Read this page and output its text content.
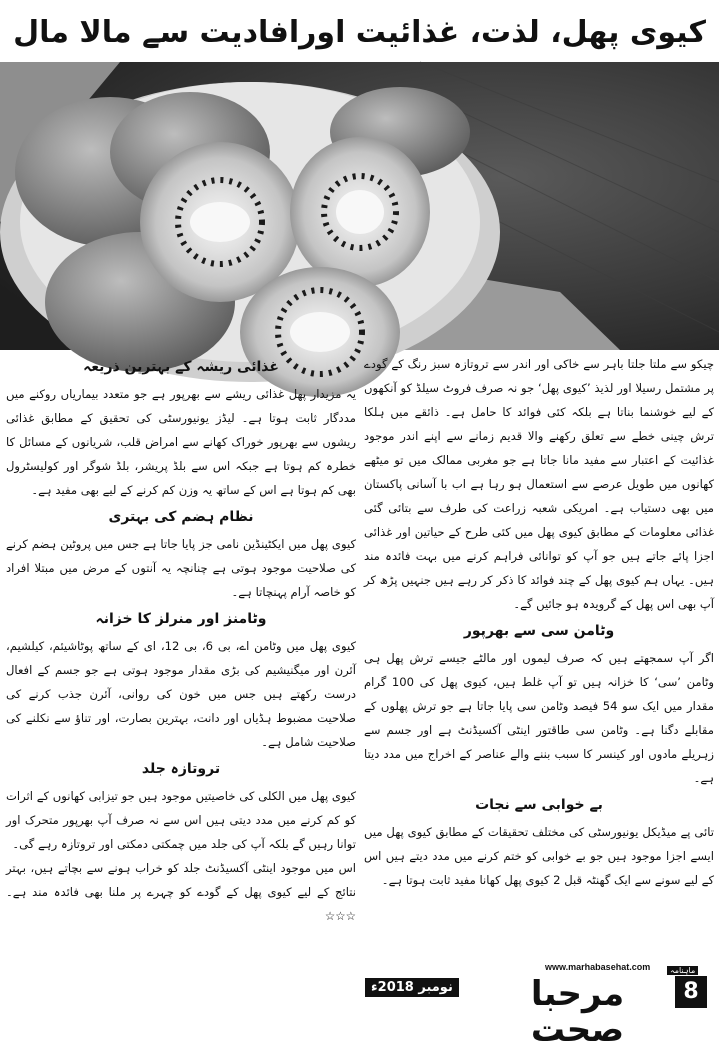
کیوی پھل، لذت، غذائیت اورافادیت سے مالا مال

چیکو سے ملتا جلتا باہر سے خاکی اور اندر سے تروتازہ سبز رنگ کے گودے پر مشتمل رسیلا اور لذیذ ’کیوی پھل‘ جو نہ صرف فروٹ سیلڈ کو آنکھوں کے لیے خوشنما بناتا ہے بلکہ کئی فوائد کا حامل ہے۔ ذائقے میں ہلکا ترش چینی خطے سے تعلق رکھنے والا قدیم زمانے سے اپنے اندر موجود غذائیت کے اعتبار سے مفید مانا جاتا ہے جو مغربی ممالک میں تو میٹھے کھانوں میں طویل عرصے سے استعمال ہو رہا ہے اب با آسانی پاکستان میں بھی دستیاب ہے۔ امریکی شعبہ زراعت کی طرف سے بتائی گئی غذائی معلومات کے مطابق کیوی پھل میں کئی طرح کے حیاتین اور غذائی اجزا پائے جاتے ہیں جو آپ کو توانائی فراہم کرنے میں بہت فائدہ مند ہیں۔ یہاں ہم کیوی پھل کے چند فوائد کا ذکر کر رہے ہیں جنہیں پڑھ کر آپ بھی اس پھل کے گرویدہ ہو جائیں گے۔

وٹامن سی سے بھرپور

اگر آپ سمجھتے ہیں کہ صرف لیموں اور مالٹے جیسے ترش پھل ہی وٹامن ’سی‘ کا خزانہ ہیں تو آپ غلط ہیں، کیوی پھل کی 100 گرام مقدار میں ایک سو 54 فیصد وٹامن سی پایا جاتا ہے جو ترش پھلوں کے مقابلے دگنا ہے۔ وٹامن سی طاقتور اینٹی آکسیڈنٹ ہے اور جسم سے زہریلے مادوں اور کینسر کا سبب بننے والے عناصر کے اخراج میں مدد دیتا ہے۔

بے خوابی سے نجات

تائی پے میڈیکل یونیورسٹی کی مختلف تحقیقات کے مطابق کیوی پھل میں ایسے اجزا موجود ہیں جو بے خوابی کو ختم کرنے میں مدد دیتے ہیں اس کے لیے سونے سے ایک گھنٹہ قبل 2 کیوی پھل کھانا مفید ثابت ہوتا ہے۔

غذائی ریشہ کے بہترین ذریعہ

یہ مزیدار پھل غذائی ریشے سے بھرپور ہے جو متعدد بیماریاں روکنے میں مددگار ثابت ہوتا ہے۔ لیڈز یونیورسٹی کی تحقیق کے مطابق غذائی ریشوں سے بھرپور خوراک کھانے سے امراض قلب، شریانوں کے مسائل کا خطرہ کم ہوتا ہے جبکہ اس سے بلڈ پریشر، بلڈ شوگر اور کولیسٹرول بھی کم ہوتا ہے اس کے ساتھ یہ وزن کم کرنے کے لیے بھی مفید ہے۔

نظام ہضم کی بہتری

کیوی پھل میں ایکٹینڈین نامی جز پایا جاتا ہے جس میں پروٹین ہضم کرنے کی صلاحیت موجود ہوتی ہے چنانچہ یہ آنتوں کے مرض میں مبتلا افراد کو خاصہ آرام پہنچاتا ہے۔

وٹامنز اور منرلز کا خزانہ

کیوی پھل میں وٹامن اے، بی 6، بی 12، ای کے ساتھ پوٹاشیئم، کیلشیم، آئرن اور میگنیشیم کی بڑی مقدار موجود ہوتی ہے جو جسم کے افعال درست رکھتے ہیں جس میں خون کی روانی، آئرن جذب کرنے کی صلاحیت مضبوط ہڈیاں اور دانت، بہترین بصارت، اور تناؤ سے نکلنے کی صلاحیت شامل ہے۔

تروتازہ جلد

کیوی پھل میں الکلی کی خاصیتیں موجود ہیں جو تیزابی کھانوں کے اثرات کو کم کرنے میں مدد دیتی ہیں اس سے نہ صرف آپ بھرپور متحرک اور توانا رہیں گے بلکہ آپ کی جلد میں چمکتی دمکتی اور تروتازہ رہے گی۔

اس میں موجود اینٹی آکسیڈنٹ جلد کو خراب ہونے سے بچاتے ہیں، بہتر نتائج کے لیے کیوی پھل کے گودے کو چہرے پر ملنا بھی فائدہ مند ہے۔ ☆☆☆

نومبر 2018ء
www.marhabasehat.com	ماہنامہ
مرحبا صحت
8
